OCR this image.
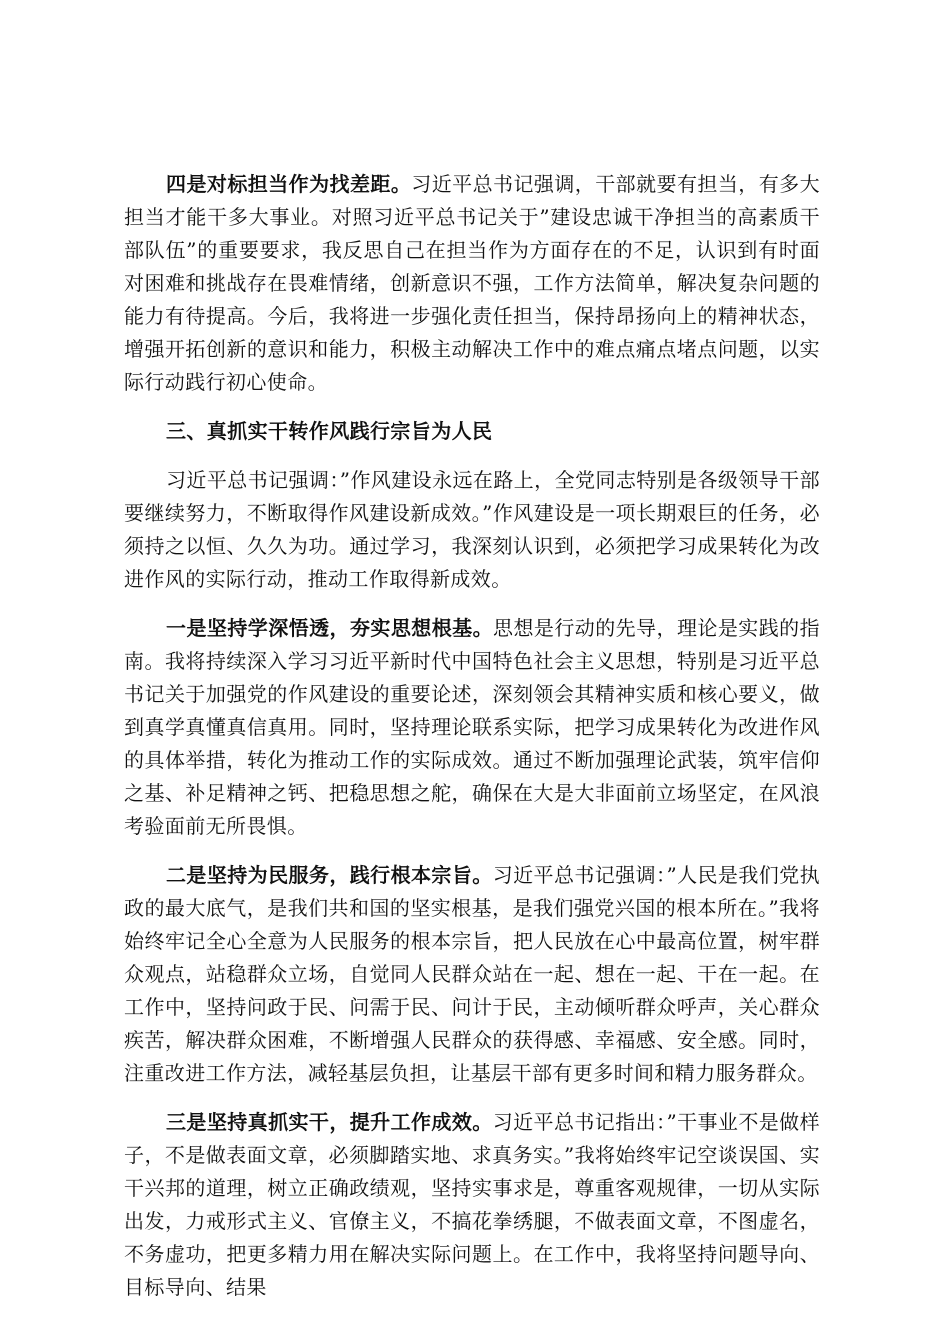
四是对标担当作为找差距。习近平总书记强调，干部就要有担当，有多大担当才能干多大事业。对照习近平总书记关于”建设忠诚干净担当的高素质干部队伍”的重要要求，我反思自己在担当作为方面存在的不足，认识到有时面对困难和挑战存在畏难情绪，创新意识不强，工作方法简单，解决复杂问题的能力有待提高。今后，我将进一步强化责任担当，保持昂扬向上的精神状态，增强开拓创新的意识和能力，积极主动解决工作中的难点痛点堵点问题，以实际行动践行初心使命。

三、真抓实干转作风践行宗旨为人民

习近平总书记强调：”作风建设永远在路上，全党同志特别是各级领导干部要继续努力，不断取得作风建设新成效。”作风建设是一项长期艰巨的任务，必须持之以恒、久久为功。通过学习，我深刻认识到，必须把学习成果转化为改进作风的实际行动，推动工作取得新成效。

一是坚持学深悟透，夯实思想根基。思想是行动的先导，理论是实践的指南。我将持续深入学习习近平新时代中国特色社会主义思想，特别是习近平总书记关于加强党的作风建设的重要论述，深刻领会其精神实质和核心要义，做到真学真懂真信真用。同时，坚持理论联系实际，把学习成果转化为改进作风的具体举措，转化为推动工作的实际成效。通过不断加强理论武装，筑牢信仰之基、补足精神之钙、把稳思想之舵，确保在大是大非面前立场坚定，在风浪考验面前无所畏惧。

二是坚持为民服务，践行根本宗旨。习近平总书记强调：”人民是我们党执政的最大底气，是我们共和国的坚实根基，是我们强党兴国的根本所在。”我将始终牢记全心全意为人民服务的根本宗旨，把人民放在心中最高位置，树牢群众观点，站稳群众立场，自觉同人民群众站在一起、想在一起、干在一起。在工作中，坚持问政于民、问需于民、问计于民，主动倾听群众呼声，关心群众疾苦，解决群众困难，不断增强人民群众的获得感、幸福感、安全感。同时，注重改进工作方法，减轻基层负担，让基层干部有更多时间和精力服务群众。

三是坚持真抓实干，提升工作成效。习近平总书记指出：”干事业不是做样子，不是做表面文章，必须脚踏实地、求真务实。”我将始终牢记空谈误国、实干兴邦的道理，树立正确政绩观，坚持实事求是，尊重客观规律，一切从实际出发，力戒形式主义、官僚主义，不搞花拳绣腿，不做表面文章，不图虚名，不务虚功，把更多精力用在解决实际问题上。在工作中，我将坚持问题导向、目标导向、结果
